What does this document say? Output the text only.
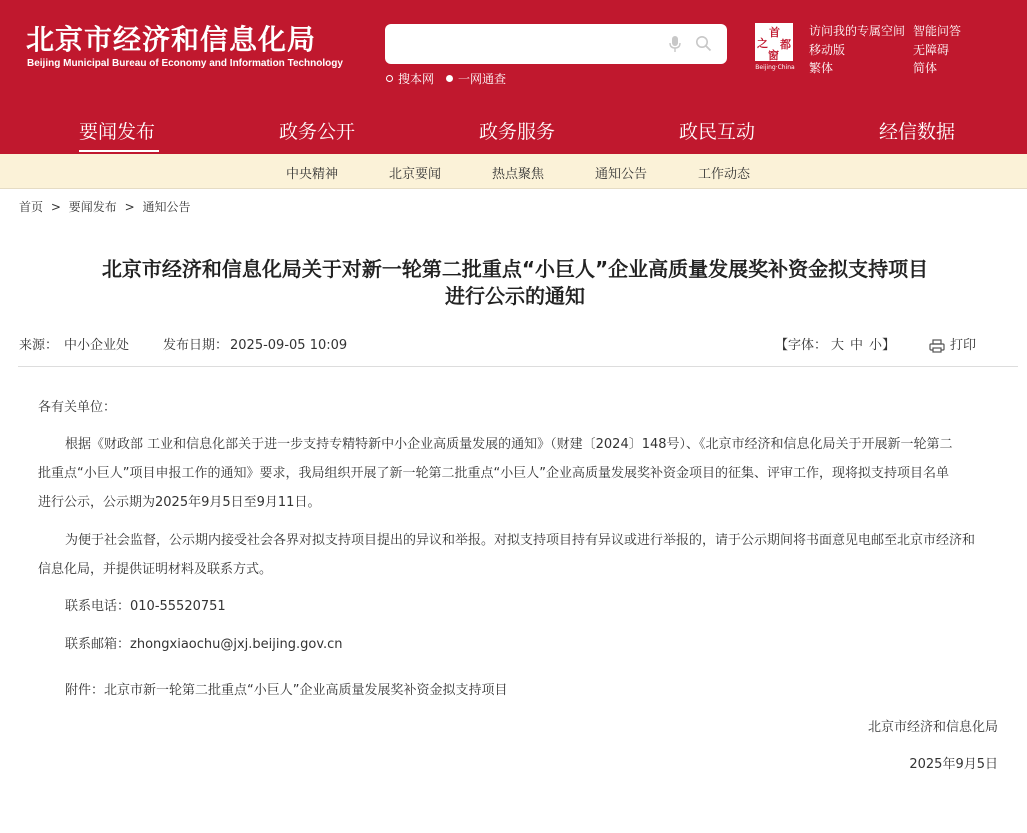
北京市经济和信息化局
Beijing Municipal Bureau of Economy and Information Technology
搜本网 一网通查
首
都
之
窗
Beijing·China
访问我的专属空间 智能问答
移动版	无障碍
繁体	简体
要闻发布	政务公开	政务服务	政民互动	经信数据
中央精神	北京要闻	热点聚焦	通知公告	工作动态
首页 > 要闻发布 > 通知公告
北京市经济和信息化局关于对新一轮第二批重点“小巨人”企业高质量发展奖补资金拟支持项目
进行公示的通知
来源： 中小企业处	发布日期： 2025-09-05 10:09	【字体： 大 中 小】	打印
各有关单位：
根据《财政部 工业和信息化部关于进一步支持专精特新中小企业高质量发展的通知》（财建〔2024〕148号）、《北京市经济和信息化局关于开展新一轮第二
批重点“小巨人”项目申报工作的通知》要求，我局组织开展了新一轮第二批重点“小巨人”企业高质量发展奖补资金项目的征集、评审工作，现将拟支持项目名单
进行公示，公示期为2025年9月5日至9月11日。
为便于社会监督，公示期内接受社会各界对拟支持项目提出的异议和举报。对拟支持项目持有异议或进行举报的，请于公示期间将书面意见电邮至北京市经济和
信息化局，并提供证明材料及联系方式。
联系电话：010-55520751
联系邮箱：zhongxiaochu@jxj.beijing.gov.cn
附件：北京市新一轮第二批重点“小巨人”企业高质量发展奖补资金拟支持项目
北京市经济和信息化局
2025年9月5日
